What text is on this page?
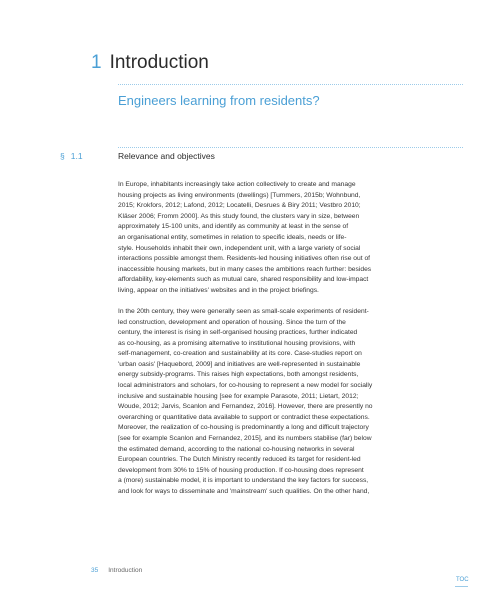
1 Introduction
Engineers learning from residents?
§ 1.1	Relevance and objectives
In Europe, inhabitants increasingly take action collectively to create and manage
housing projects as living environments (dwellings) [Tummers, 2015b; Wohnbund,
2015; Krokfors, 2012; Lafond, 2012; Locatelli, Desrues & Biry 2011; Vestbro 2010;
Kläser 2006; Fromm 2000]. As this study found, the clusters vary in size, between
approximately 15-100 units, and identify as community at least in the sense of
an organisational entity, sometimes in relation to specific ideals, needs or life-
style. Households inhabit their own, independent unit, with a large variety of social
interactions possible amongst them. Residents-led housing initiatives often rise out of
inaccessible housing markets, but in many cases the ambitions reach further: besides
affordability, key-elements such as mutual care, shared responsibility and low-impact
living, appear on the initiatives' websites and in the project briefings.
In the 20th century, they were generally seen as small-scale experiments of resident-
led construction, development and operation of housing. Since the turn of the
century, the interest is rising in self-organised housing practices, further indicated
as co-housing, as a promising alternative to institutional housing provisions, with
self-management, co-creation and sustainability at its core. Case-studies report on
'urban oasis' [Haquebord, 2009] and initiatives are well-represented in sustainable
energy subsidy-programs. This raises high expectations, both amongst residents,
local administrators and scholars, for co-housing to represent a new model for socially
inclusive and sustainable housing [see for example Parasote, 2011; Lietart, 2012;
Woude, 2012; Jarvis, Scanlon and Fernandez, 2016]. However, there are presently no
overarching or quantitative data available to support or contradict these expectations.
Moreover, the realization of co-housing is predominantly a long and difficult trajectory
[see for example Scanlon and Fernandez, 2015], and its numbers stabilise (far) below
the estimated demand, according to the national co-housing networks in several
European countries. The Dutch Ministry recently reduced its target for resident-led
development from 30% to 15% of housing production. If co-housing does represent
a (more) sustainable model, it is important to understand the key factors for success,
and look for ways to disseminate and 'mainstream' such qualities. On the other hand,
35 Introduction
TOC
